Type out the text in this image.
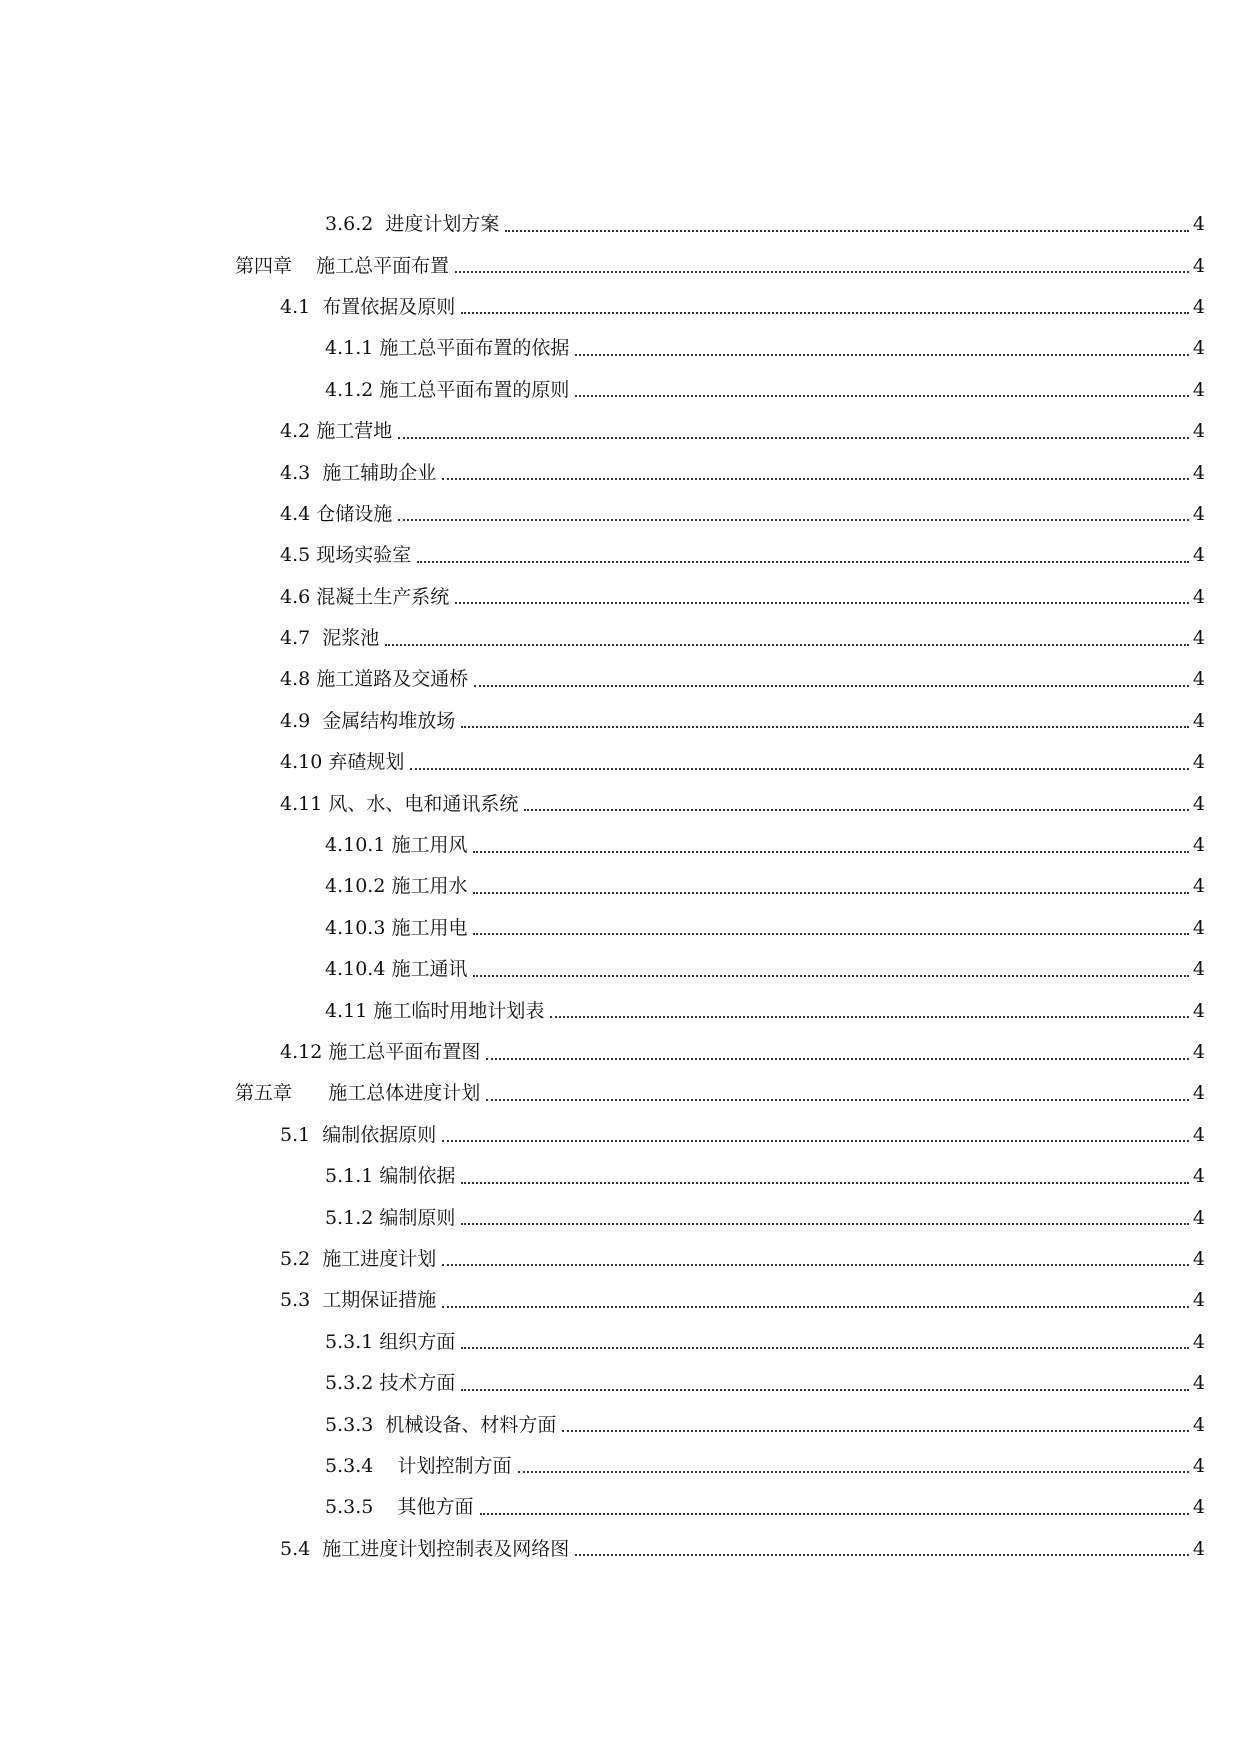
3.6.2  进度计划方案	4
第四章    施工总平面布置	4
4.1  布置依据及原则	4
4.1.1 施工总平面布置的依据	4
4.1.2 施工总平面布置的原则	4
4.2 施工营地	4
4.3  施工辅助企业	4
4.4 仓储设施	4
4.5 现场实验室	4
4.6 混凝土生产系统	4
4.7  泥浆池	4
4.8 施工道路及交通桥	4
4.9  金属结构堆放场	4
4.10 弃碴规划	4
4.11 风、水、电和通讯系统	4
4.10.1 施工用风	4
4.10.2 施工用水	4
4.10.3 施工用电	4
4.10.4 施工通讯	4
4.11 施工临时用地计划表	4
4.12 施工总平面布置图	4
第五章      施工总体进度计划	4
5.1  编制依据原则	4
5.1.1 编制依据	4
5.1.2 编制原则	4
5.2  施工进度计划	4
5.3  工期保证措施	4
5.3.1 组织方面	4
5.3.2 技术方面	4
5.3.3  机械设备、材料方面	4
5.3.4    计划控制方面	4
5.3.5    其他方面	4
5.4  施工进度计划控制表及网络图	4
